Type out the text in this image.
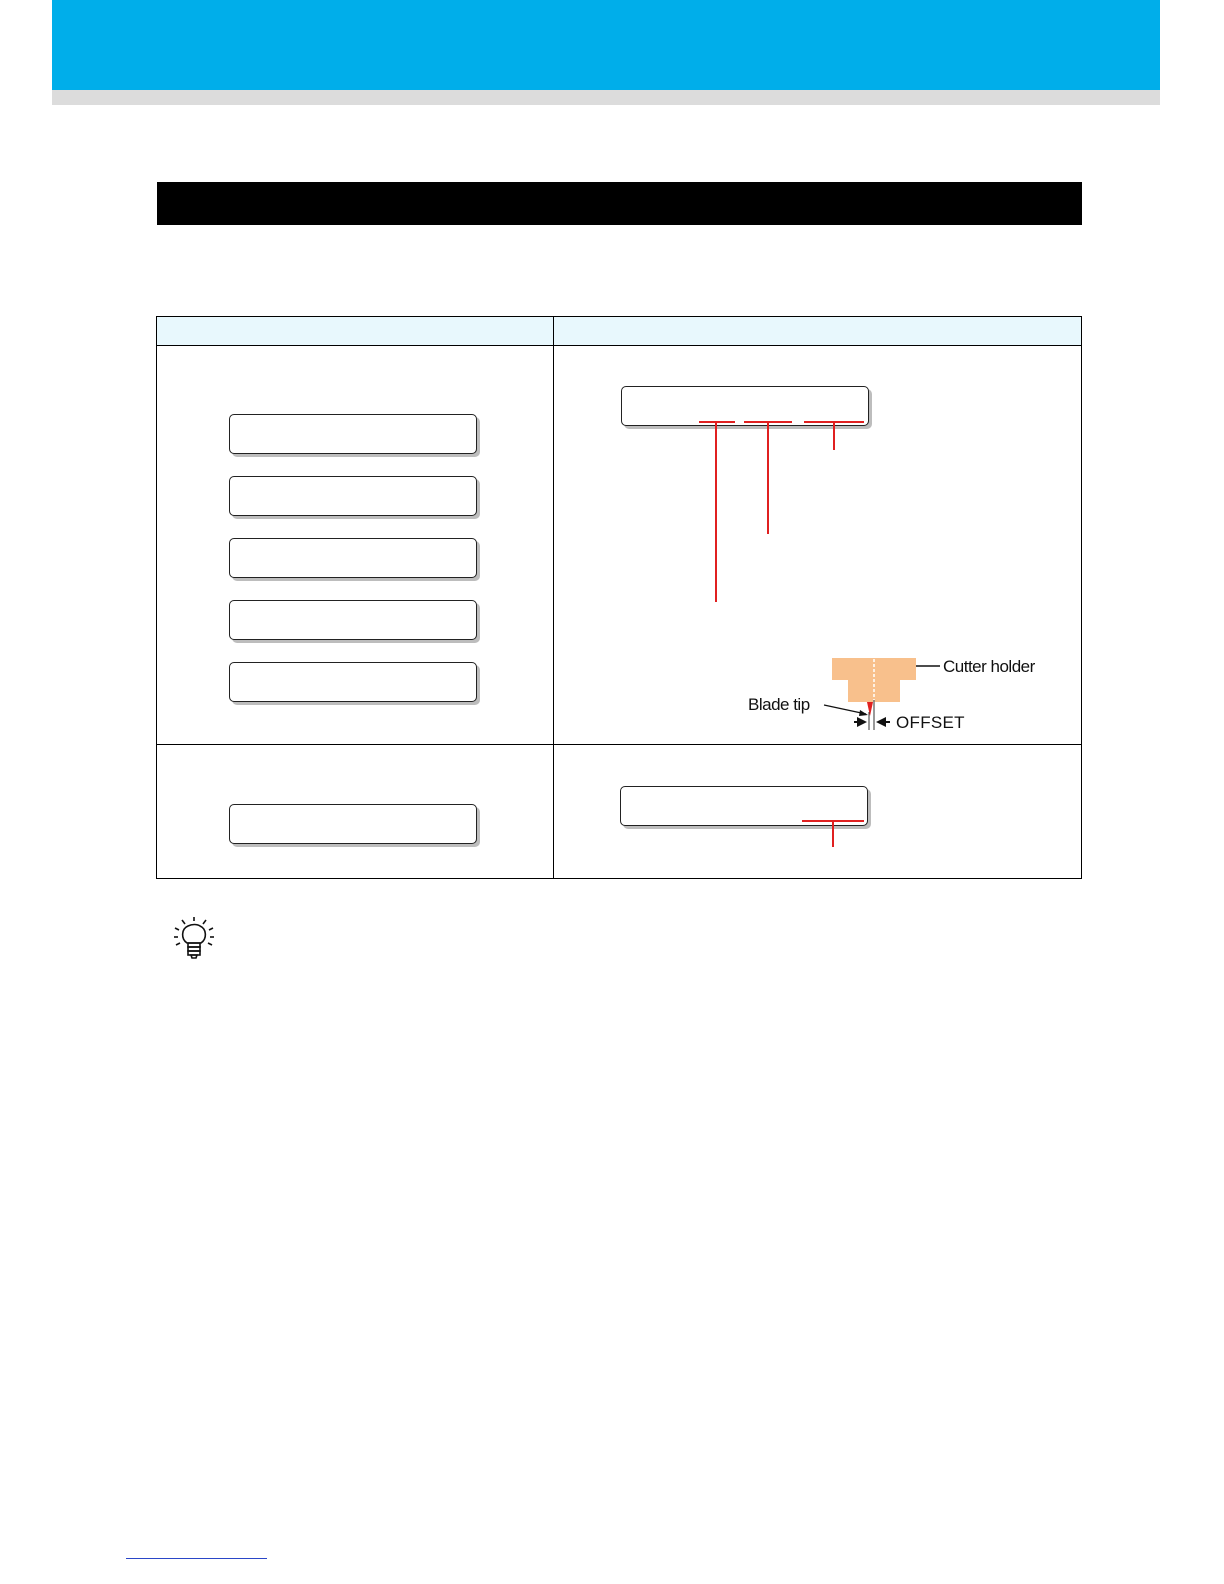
Cutter holder
Blade tip
OFFSET
